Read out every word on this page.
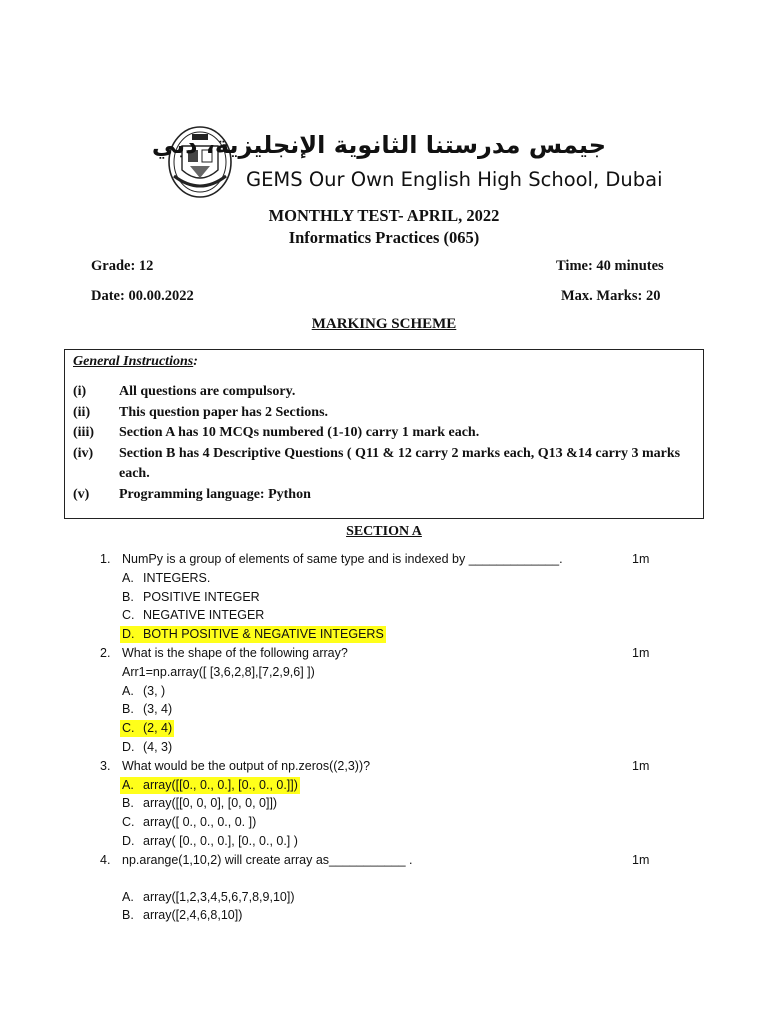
جيمس مدرستنا الثانوية الإنجليزية، دبي
GEMS Our Own English High School, Dubai
MONTHLY TEST- APRIL, 2022
Informatics Practices (065)
Grade: 12	Time: 40 minutes
Date: 00.00.2022	Max. Marks: 20
MARKING SCHEME
General Instructions:
(i) All questions are compulsory.
(ii) This question paper has 2 Sections.
(iii) Section A has 10 MCQs numbered (1-10) carry 1 mark each.
(iv) Section B has 4 Descriptive Questions ( Q11 & 12 carry 2 marks each, Q13 &14 carry 3 marks each.
(v) Programming language: Python
SECTION A
1.	1m
NumPy is a group of elements of same type and is indexed by _____________.
A. INTEGERS.
B. POSITIVE INTEGER
C. NEGATIVE INTEGER
D. BOTH POSITIVE & NEGATIVE INTEGERS
2.	1m
What is the shape of the following array?
Arr1=np.array([ [3,6,2,8],[7,2,9,6] ])
A. (3, )
B. (3, 4)
C. (2, 4)
D. (4, 3)
3.	1m
What would be the output of np.zeros((2,3))?
A. array([[0., 0., 0.], [0., 0., 0.]])
B. array([[0, 0, 0], [0, 0, 0]])
C. array([ 0., 0., 0., 0. ])
D. array( [0., 0., 0.], [0., 0., 0.] )
4.	1m
np.arange(1,10,2) will create array as___________ .
A. array([1,2,3,4,5,6,7,8,9,10])
B. array([2,4,6,8,10])
